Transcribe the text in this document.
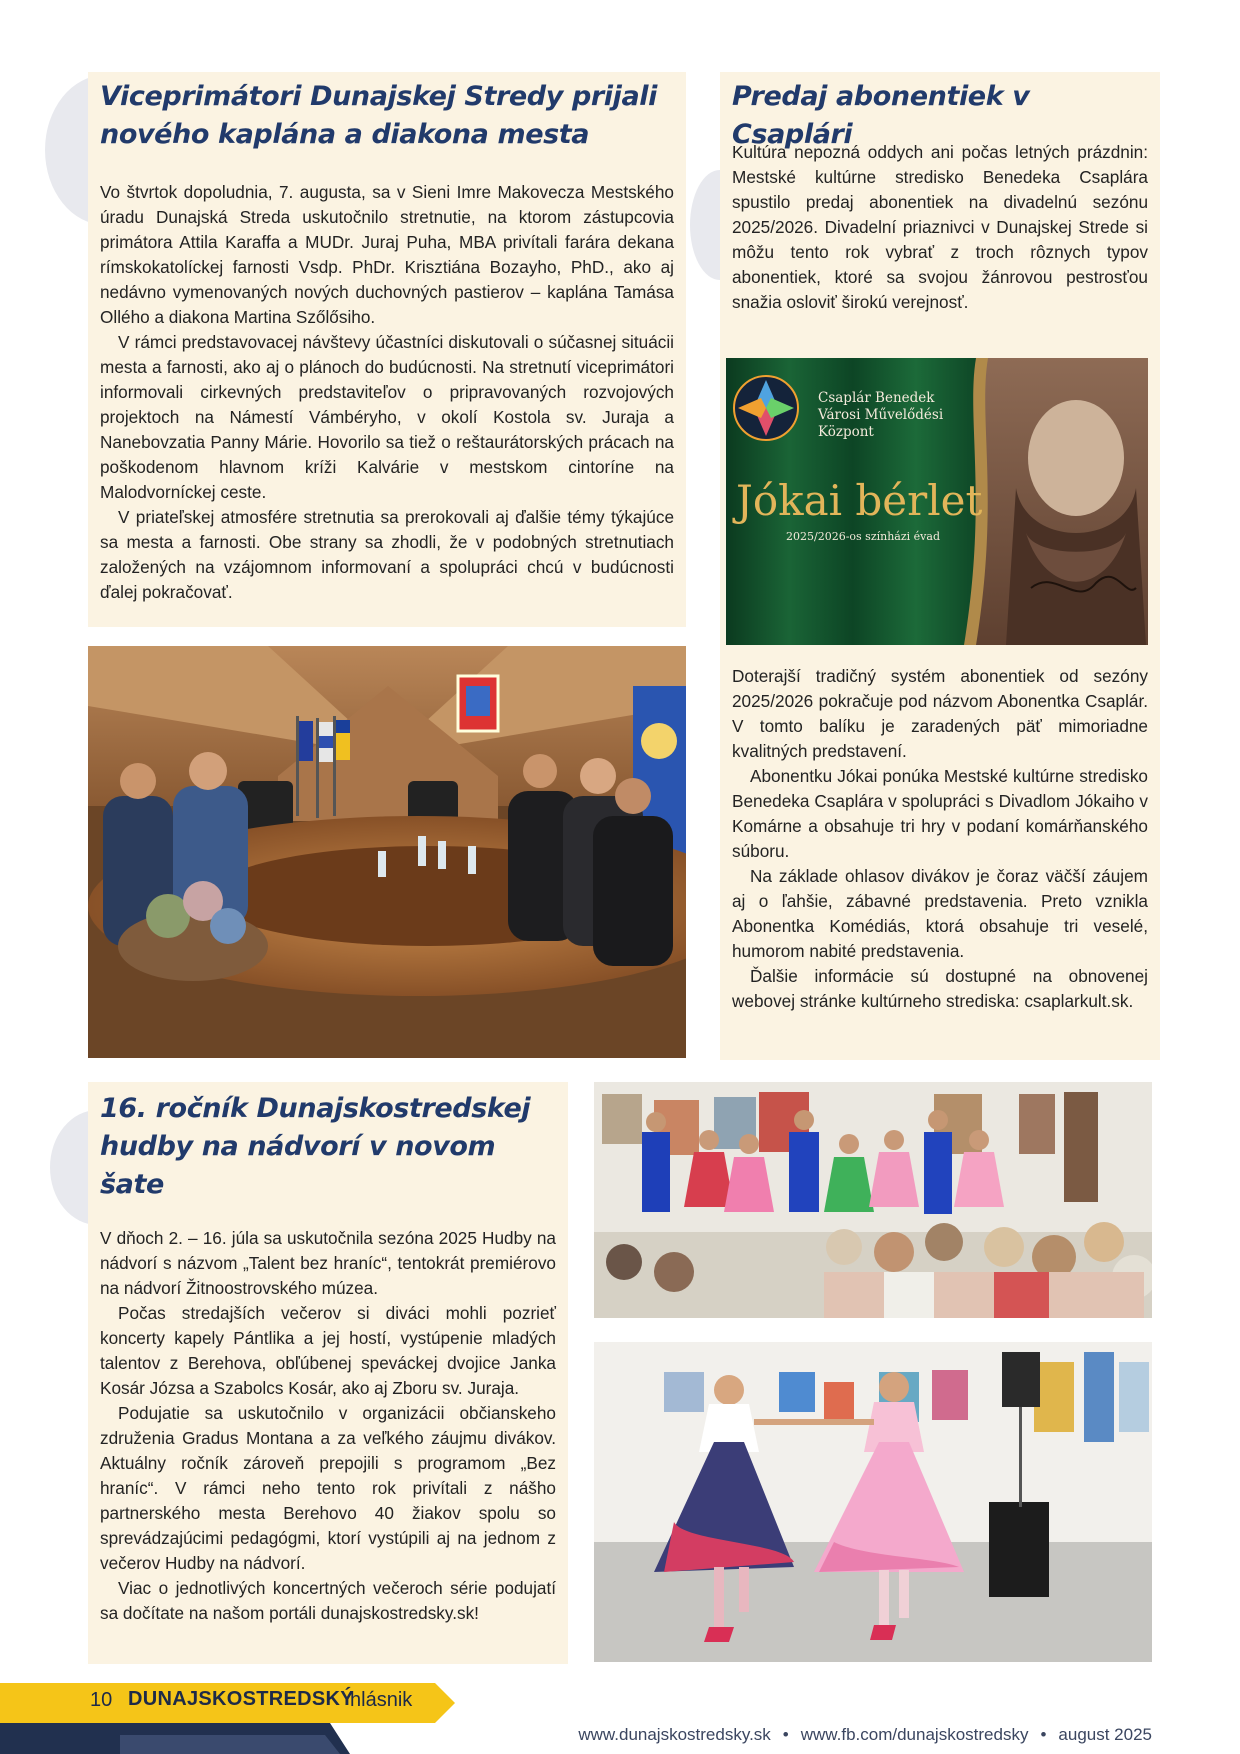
Viceprimátori Dunajskej Stredy prijali nového kaplána a diakona mesta

Vo štvrtok dopoludnia, 7. augusta, sa v Sieni Imre Makovecza Mestského úradu Dunajská Streda uskutočnilo stretnutie, na ktorom zástupcovia primátora Attila Karaffa a MUDr. Juraj Puha, MBA privítali farára dekana rímskokatolíckej farnosti Vsdp. PhDr. Krisztiána Bozayho, PhD., ako aj nedávno vymenovaných nových duchovných pastierov – kaplána Tamása Olléhо a diakona Martina Szőlősiho.

V rámci predstavovacej návštevy účastníci diskutovali o súčasnej situácii mesta a farnosti, ako aj o plánoch do budúcnosti. Na stretnutí viceprimátori informovali cirkevných predstaviteľov o pripravovaných rozvojových projektoch na Námestí Vámbéryho, v okolí Kostola sv. Juraja a Nanebovzatia Panny Márie. Hovorilo sa tiež o reštaurátorských prácach na poškodenom hlavnom kríži Kalvárie v mestskom cintoríne na Malodvorníckej ceste.

V priateľskej atmosfére stretnutia sa prerokovali aj ďalšie témy týkajúce sa mesta a farnosti. Obe strany sa zhodli, že v podobných stretnutiach založených na vzájomnom informovaní a spolupráci chcú v budúcnosti ďalej pokračovať.

Predaj abonentiek v Csaplári

Kultúra nepozná oddych ani počas letných prázdnin: Mestské kultúrne stredisko Benedeka Csaplára spustilo predaj abonentiek na divadelnú sezónu 2025/2026. Divadelní priaznivci v Dunajskej Strede si môžu tento rok vybrať z troch rôznych typov abonentiek, ktoré sa svojou žánrovou pestrosťou snažia osloviť širokú verejnosť.

Csaplár Benedek
Városi Művelődési
Központ
Jókai bérlet
2025/2026-os színházi évad

Doterajší tradičný systém abonentiek od sezóny 2025/2026 pokračuje pod názvom Abonentka Csaplár. V tomto balíku je zaradených päť mimoriadne kvalitných predstavení.

Abonentku Jókai ponúka Mestské kultúrne stredisko Benedeka Csaplára v spolupráci s Divadlom Jókaiho v Komárne a obsahuje tri hry v podaní komárňanského súboru.

Na základe ohlasov divákov je čoraz väčší záujem aj o ľahšie, zábavné predstavenia. Preto vznikla Abonentka Komédiás, ktorá obsahuje tri veselé, humorom nabité predstavenia.

Ďalšie informácie sú dostupné na obnovenej webovej stránke kultúrneho strediska: csaplarkult.sk.

16. ročník Dunajskostredskej hudby na nádvorí v novom šate

V dňoch 2. – 16. júla sa uskutočnila sezóna 2025 Hudby na nádvorí s názvom „Talent bez hraníc“, tentokrát premiérovo na nádvorí Žitnoostrovského múzea.

Počas stredajších večerov si diváci mohli pozrieť koncerty kapely Pántlika a jej hostí, vystúpenie mladých talentov z Berehova, obľúbenej speváckej dvojice Janka Kosár Józsa a Szabolcs Kosár, ako aj Zboru sv. Juraja.

Podujatie sa uskutočnilo v organizácii občianskeho združenia Gradus Montana a za veľkého záujmu divákov. Aktuálny ročník zároveň prepojili s programom „Bez hraníc“. V rámci neho tento rok privítali z nášho partnerského mesta Berehovo 40 žiakov spolu so sprevádzajúcimi pedagógmi, ktorí vystúpili aj na jednom z večerov Hudby na nádvorí.

Viac o jednotlivých koncertných večeroch série podujatí sa dočítate na našom portáli dunajskostredsky.sk!

10 DUNAJSKOSTREDSKÝ
hlásnik
www.dunajskostredsky.sk • www.fb.com/dunajskostredsky • august 2025
